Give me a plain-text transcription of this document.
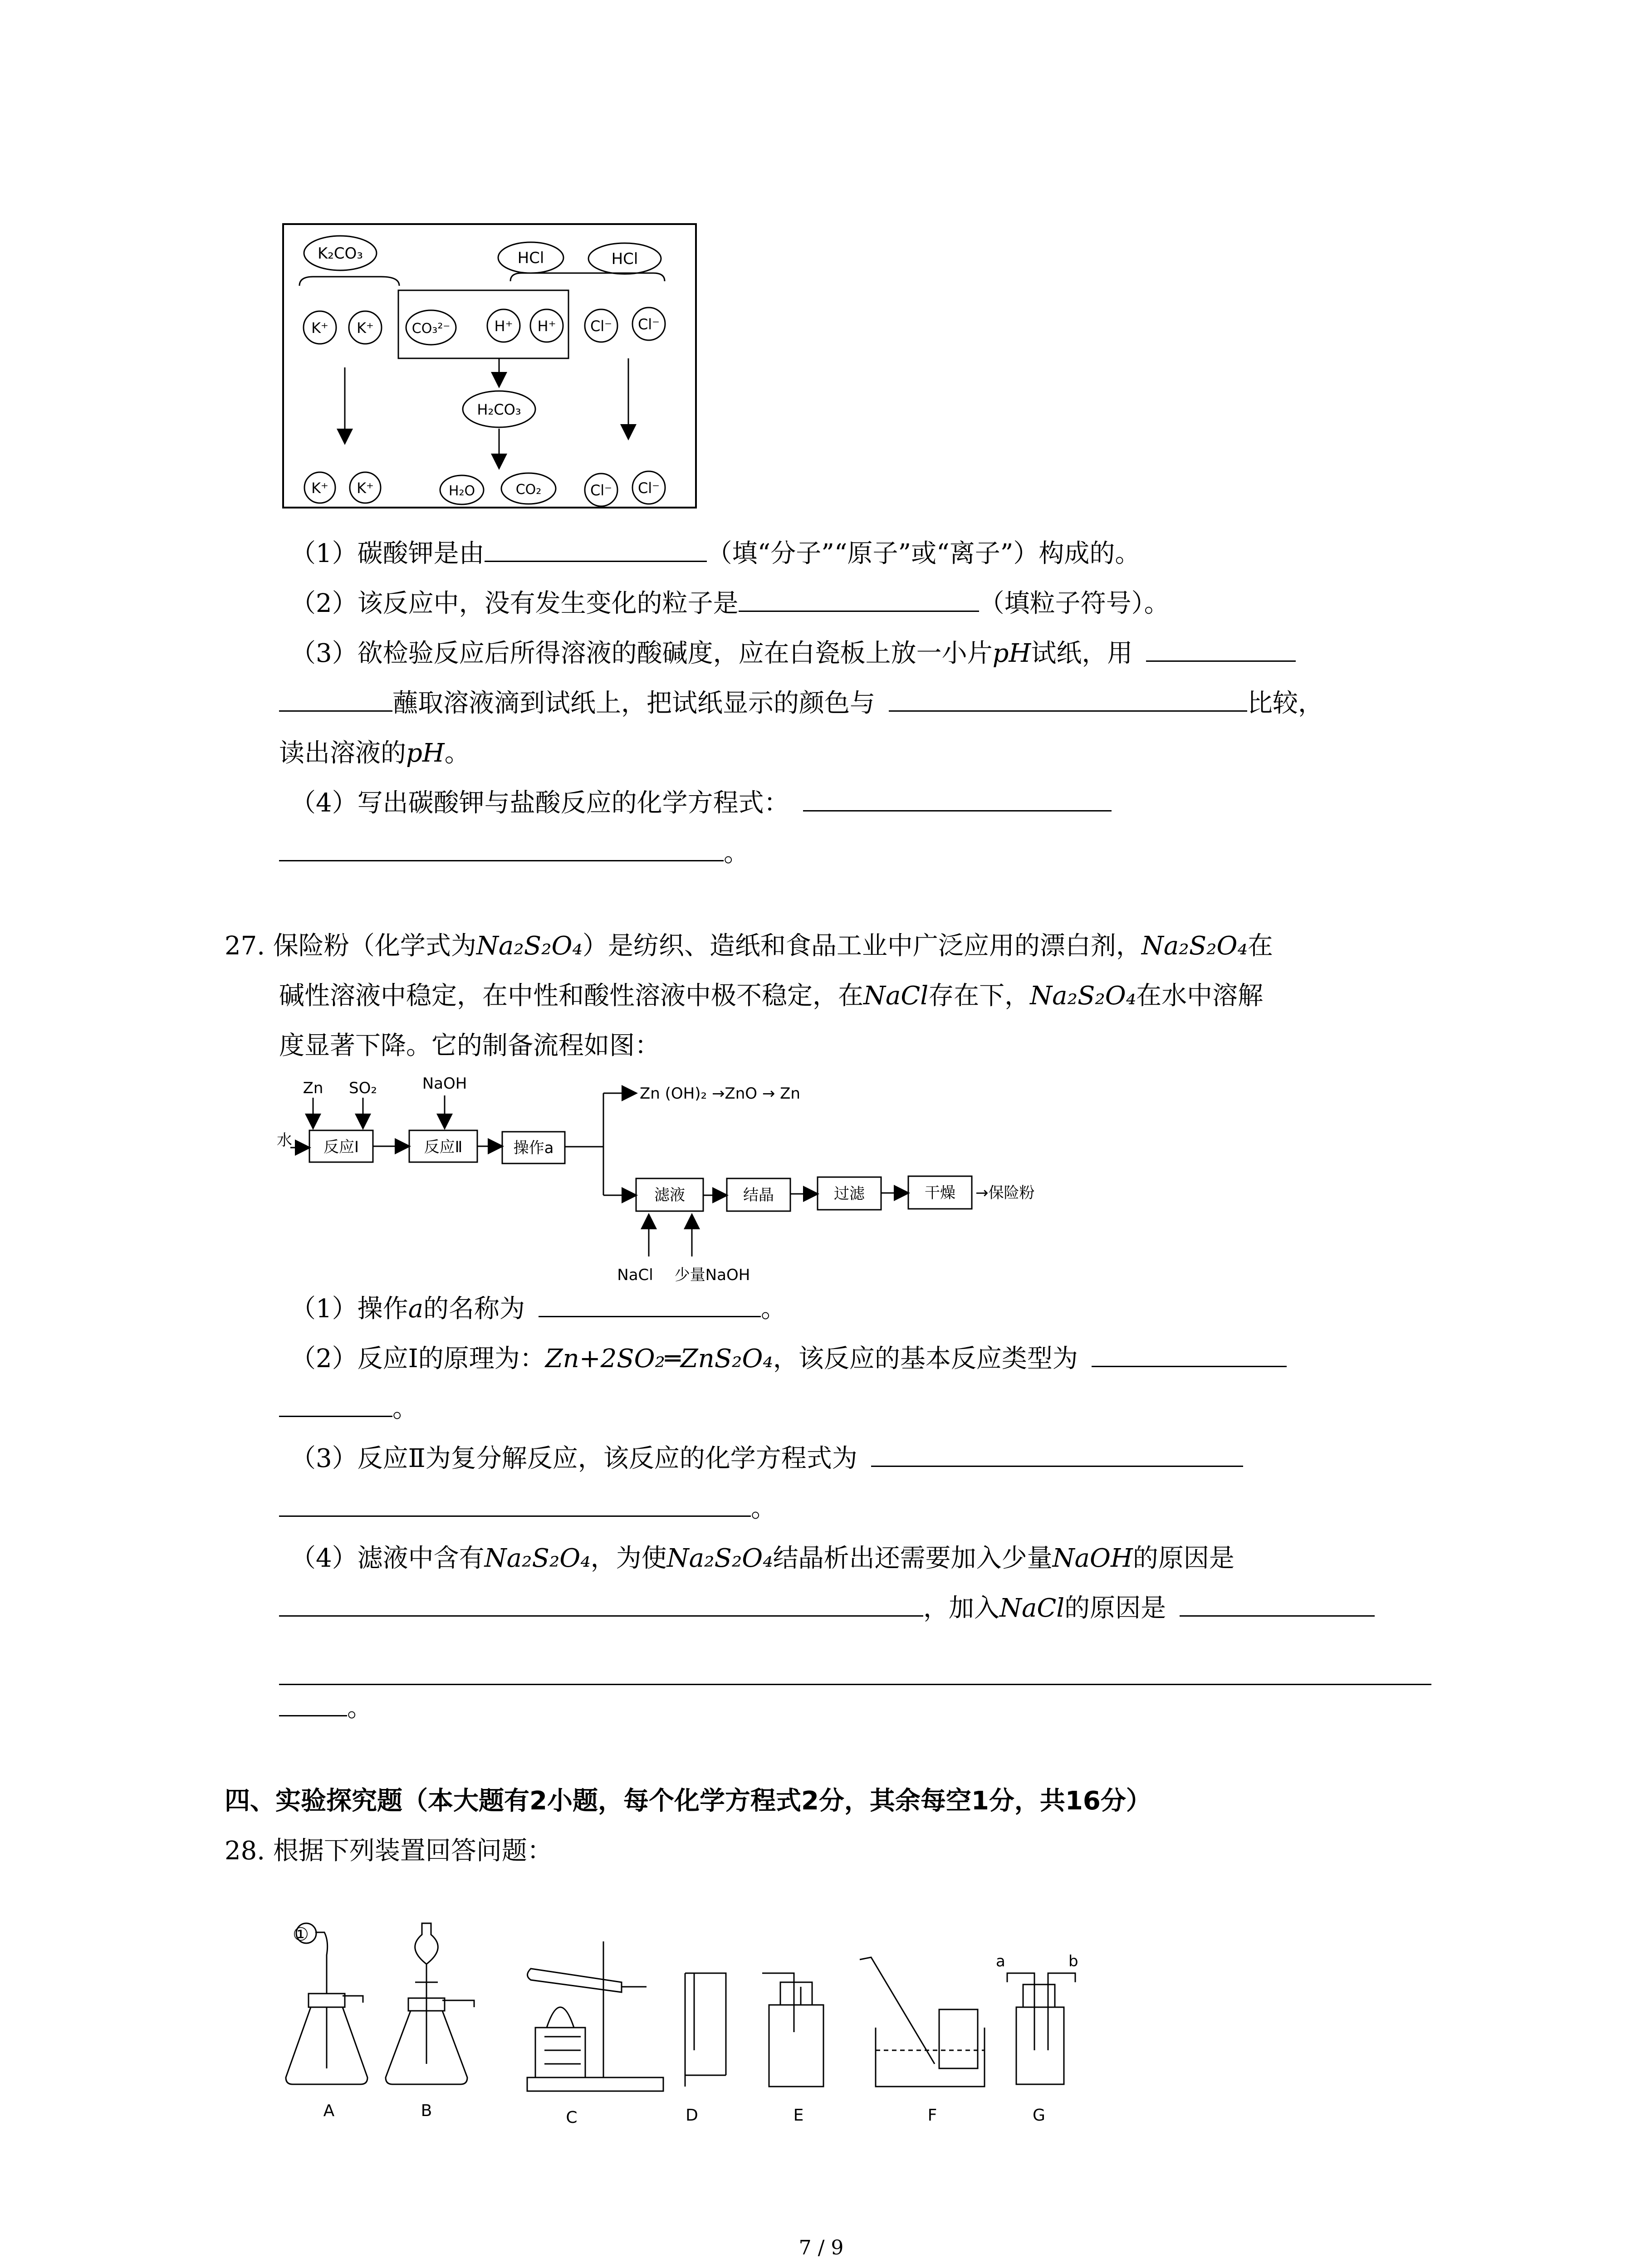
K₂CO₃	HCl	HCl
K⁺ K⁺	CO₃²⁻	H⁺ H⁺ Cl⁻ Cl⁻
H₂CO₃
K⁺ K⁺	H₂O	CO₂	Cl⁻ Cl⁻
（1）碳酸钾是由	（填“分子”“原子”或“离子”）构成的。
（2）该反应中，没有发生变化的粒子是	（填粒子符号）。
（3）欲检验反应后所得溶液的酸碱度，应在白瓷板上放一小片pH试纸，用
蘸取溶液滴到试纸上，把试纸显示的颜色与	比较，
读出溶液的pH。
（4）写出碳酸钾与盐酸反应的化学方程式：
。
27. 保险粉（化学式为Na₂S₂O₄）是纺织、造纸和食品工业中广泛应用的漂白剂，Na₂S₂O₄在
碱性溶液中稳定，在中性和酸性溶液中极不稳定，在NaCl存在下，Na₂S₂O₄在水中溶解
度显著下降。它的制备流程如图：
Zn SO₂	NaOH
水 反应Ⅰ	反应Ⅱ	操作a
Zn (OH)₂ →ZnO → Zn
滤液	结晶	过滤	干燥 →保险粉
NaCl 少量NaOH
（1）操作a的名称为	。
（2）反应Ⅰ的原理为：Zn+2SO₂═ZnS₂O₄，该反应的基本反应类型为
。
（3）反应Ⅱ为复分解反应，该反应的化学方程式为
。
（4）滤液中含有Na₂S₂O₄，为使Na₂S₂O₄结晶析出还需要加入少量NaOH的原因是
，加入NaCl的原因是
。
四、实验探究题（本大题有2小题，每个化学方程式2分，其余每空1分，共16分）
28. 根据下列装置回答问题：
①
a	b
A	B	C	D	E	F	G
7 / 9
